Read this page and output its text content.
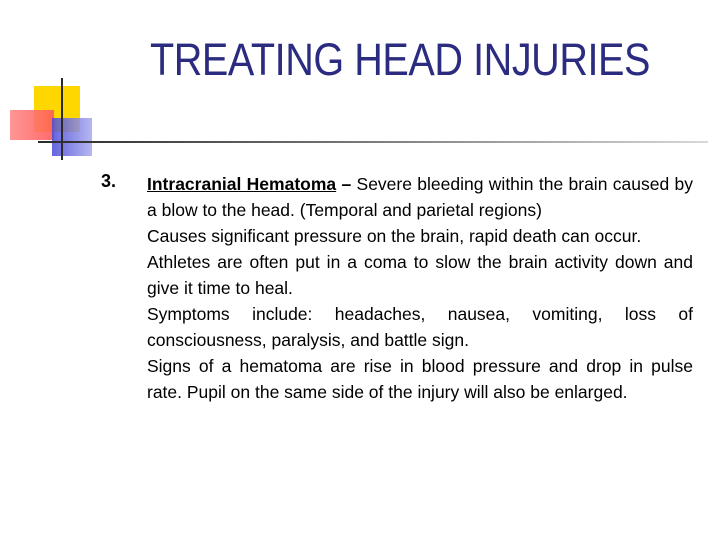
TREATING HEAD INJURIES
3. Intracranial Hematoma – Severe bleeding within the brain caused by a blow to the head. (Temporal and parietal regions)

Causes significant pressure on the brain, rapid death can occur.

Athletes are often put in a coma to slow the brain activity down and give it time to heal.

Symptoms include: headaches, nausea, vomiting, loss of consciousness, paralysis, and battle sign.

Signs of a hematoma are rise in blood pressure and drop in pulse rate. Pupil on the same side of the injury will also be enlarged.
